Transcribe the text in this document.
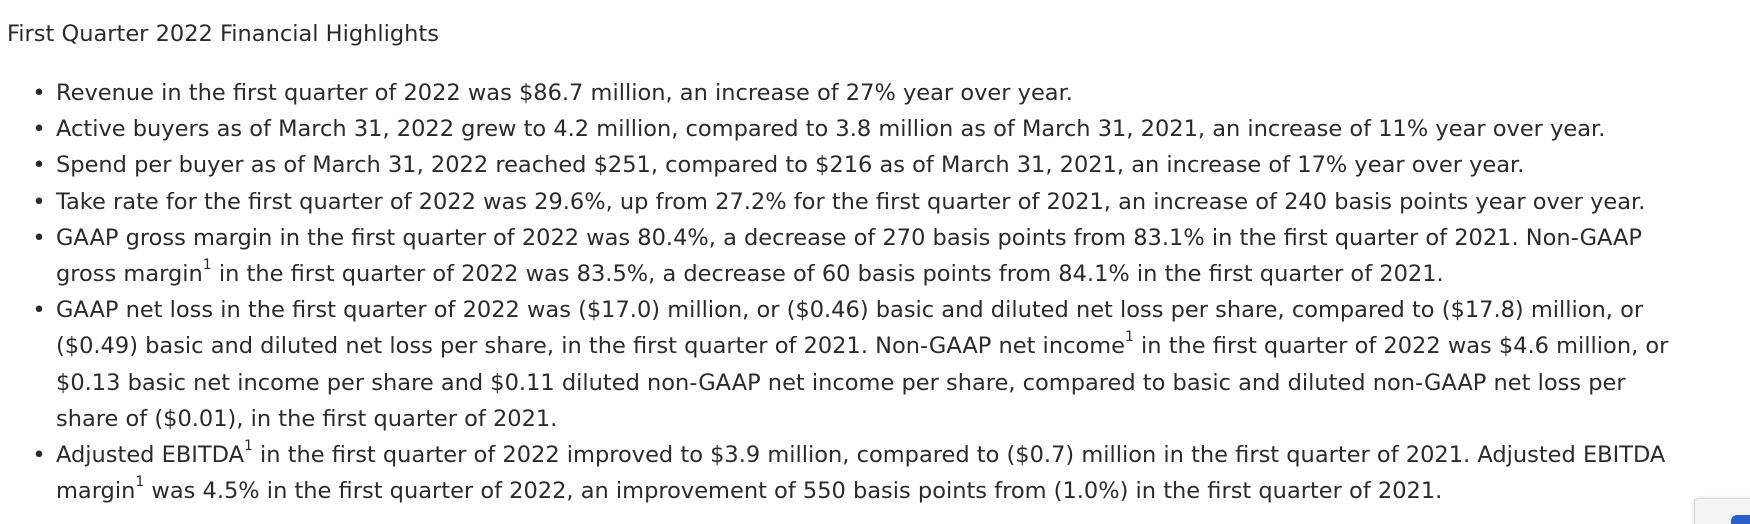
First Quarter 2022 Financial Highlights
• Revenue in the first quarter of 2022 was $86.7 million, an increase of 27% year over year.
• Active buyers as of March 31, 2022 grew to 4.2 million, compared to 3.8 million as of March 31, 2021, an increase of 11% year over year.
• Spend per buyer as of March 31, 2022 reached $251, compared to $216 as of March 31, 2021, an increase of 17% year over year.
• Take rate for the first quarter of 2022 was 29.6%, up from 27.2% for the first quarter of 2021, an increase of 240 basis points year over year.
• GAAP gross margin in the first quarter of 2022 was 80.4%, a decrease of 270 basis points from 83.1% in the first quarter of 2021. Non-GAAP
gross margin$^1$ in the first quarter of 2022 was 83.5%, a decrease of 60 basis points from 84.1% in the first quarter of 2021.
• GAAP net loss in the first quarter of 2022 was ($17.0) million, or ($0.46) basic and diluted net loss per share, compared to ($17.8) million, or
($0.49) basic and diluted net loss per share, in the first quarter of 2021. Non-GAAP net income$^1$ in the first quarter of 2022 was $4.6 million, or
$0.13 basic net income per share and $0.11 diluted non-GAAP net income per share, compared to basic and diluted non-GAAP net loss per
share of ($0.01), in the first quarter of 2021.
• Adjusted EBITDA$^1$ in the first quarter of 2022 improved to $3.9 million, compared to ($0.7) million in the first quarter of 2021. Adjusted EBITDA
margin$^1$ was 4.5% in the first quarter of 2022, an improvement of 550 basis points from (1.0%) in the first quarter of 2021.
